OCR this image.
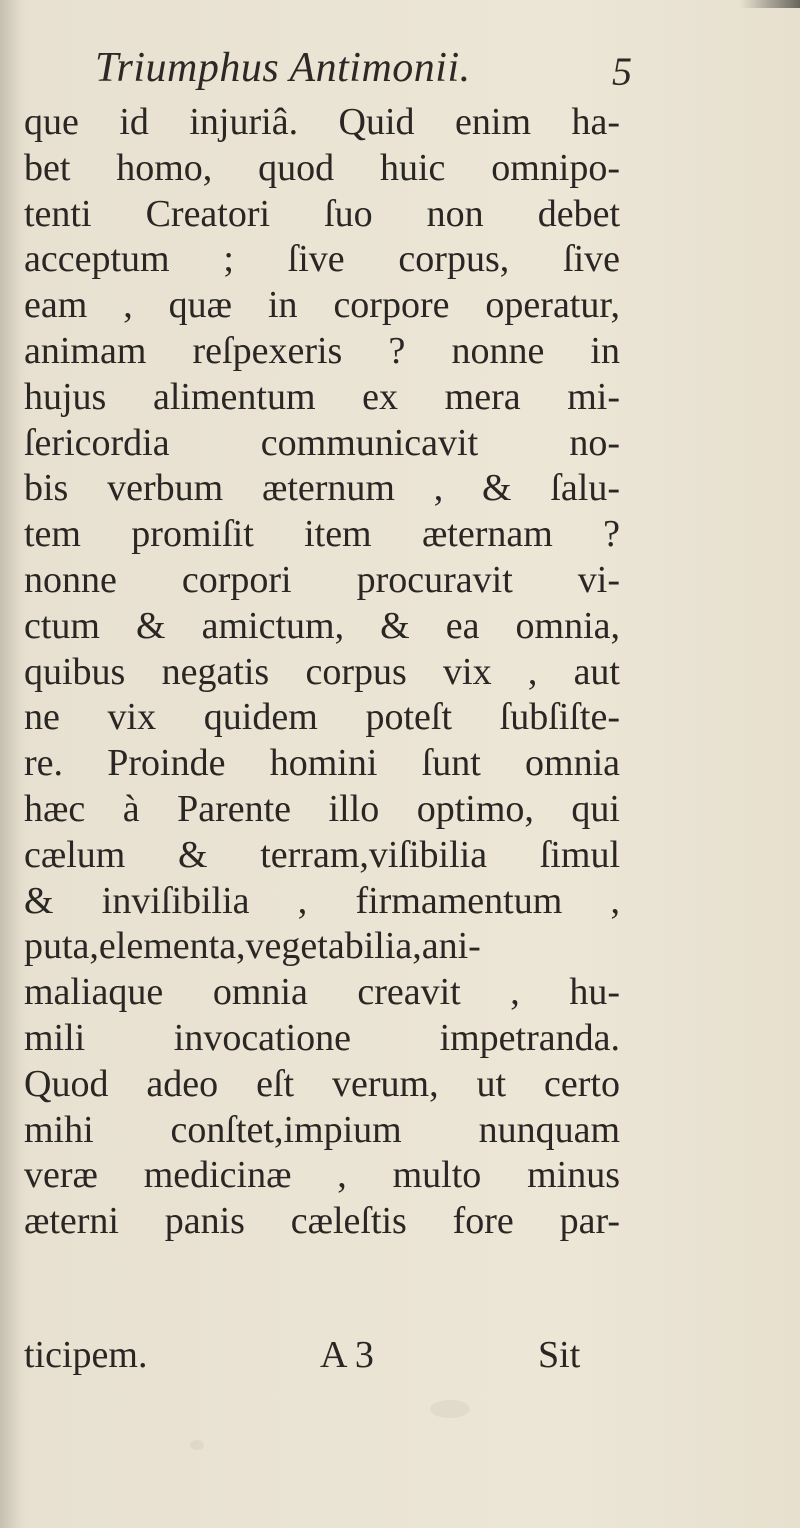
Triumphus Antimonii.	5
que id injuriâ. Quid enim ha-
bet homo, quod huic omnipo-
tenti Creatori ſuo non debet
acceptum ; ſive corpus, ſive
eam , quæ in corpore operatur,
animam reſpexeris ? nonne in
hujus alimentum ex mera mi-
ſericordia communicavit no-
bis verbum æternum , & ſalu-
tem promiſit item æternam ?
nonne corpori procuravit vi-
ctum & amictum, & ea omnia,
quibus negatis corpus vix , aut
ne vix quidem poteſt ſubſiſte-
re. Proinde homini ſunt omnia
hæc à Parente illo optimo, qui
cælum & terram,viſibilia ſimul
& inviſibilia , firmamentum ,
puta,elementa,vegetabilia,ani-
maliaque omnia creavit , hu-
mili invocatione impetranda.
Quod adeo eſt verum, ut certo
mihi conſtet,impium nunquam
veræ medicinæ , multo minus
æterni panis cæleſtis fore par-
ticipem.	A 3	Sit
